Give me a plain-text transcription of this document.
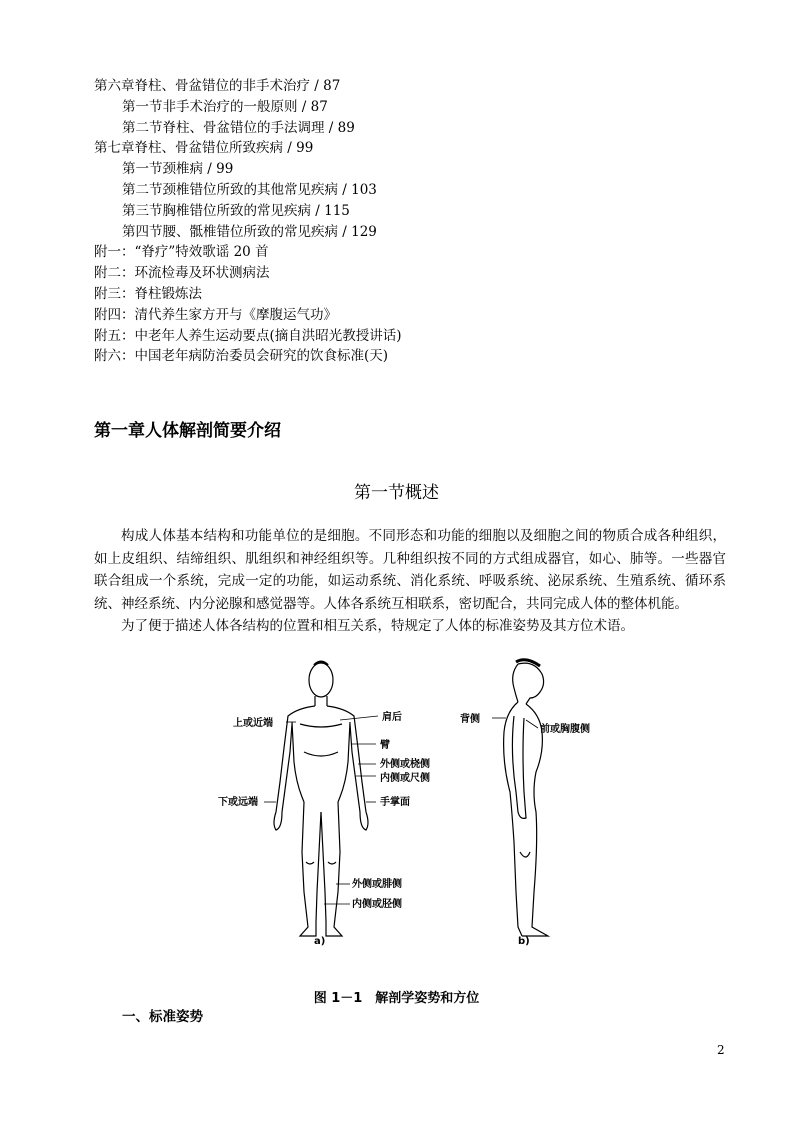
第六章脊柱、骨盆错位的非手术治疗 / 87
第一节非手术治疗的一般原则 / 87
第二节脊柱、骨盆错位的手法调理 / 89
第七章脊柱、骨盆错位所致疾病 / 99
第一节颈椎病 / 99
第二节颈椎错位所致的其他常见疾病 / 103
第三节胸椎错位所致的常见疾病 / 115
第四节腰、骶椎错位所致的常见疾病 / 129
附一：“脊疗”特效歌谣 20 首
附二：环流检毒及环状测病法
附三：脊柱锻炼法
附四：清代养生家方开与《摩腹运气功》
附五：中老年人养生运动要点(摘自洪昭光教授讲话)
附六：中国老年病防治委员会研究的饮食标准(天)
第一章人体解剖简要介绍
第一节概述

构成人体基本结构和功能单位的是细胞。不同形态和功能的细胞以及细胞之间的物质合成各种组织，如上皮组织、结缔组织、肌组织和神经组织等。几种组织按不同的方式组成器官，如心、肺等。一些器官联合组成一个系统，完成一定的功能，如运动系统、消化系统、呼吸系统、泌尿系统、生殖系统、循环系统、神经系统、内分泌腺和感觉器等。人体各系统互相联系，密切配合，共同完成人体的整体机能。

为了便于描述人体各结构的位置和相互关系，特规定了人体的标准姿势及其方位术语。

上或近端
肩后
臂
外侧或桡侧
内侧或尺侧
下或远端	手掌面
外侧或腓侧
内侧或胫侧
a)
背侧
前或胸腹侧
b)
图 1－1　解剖学姿势和方位
一、标准姿势
2
